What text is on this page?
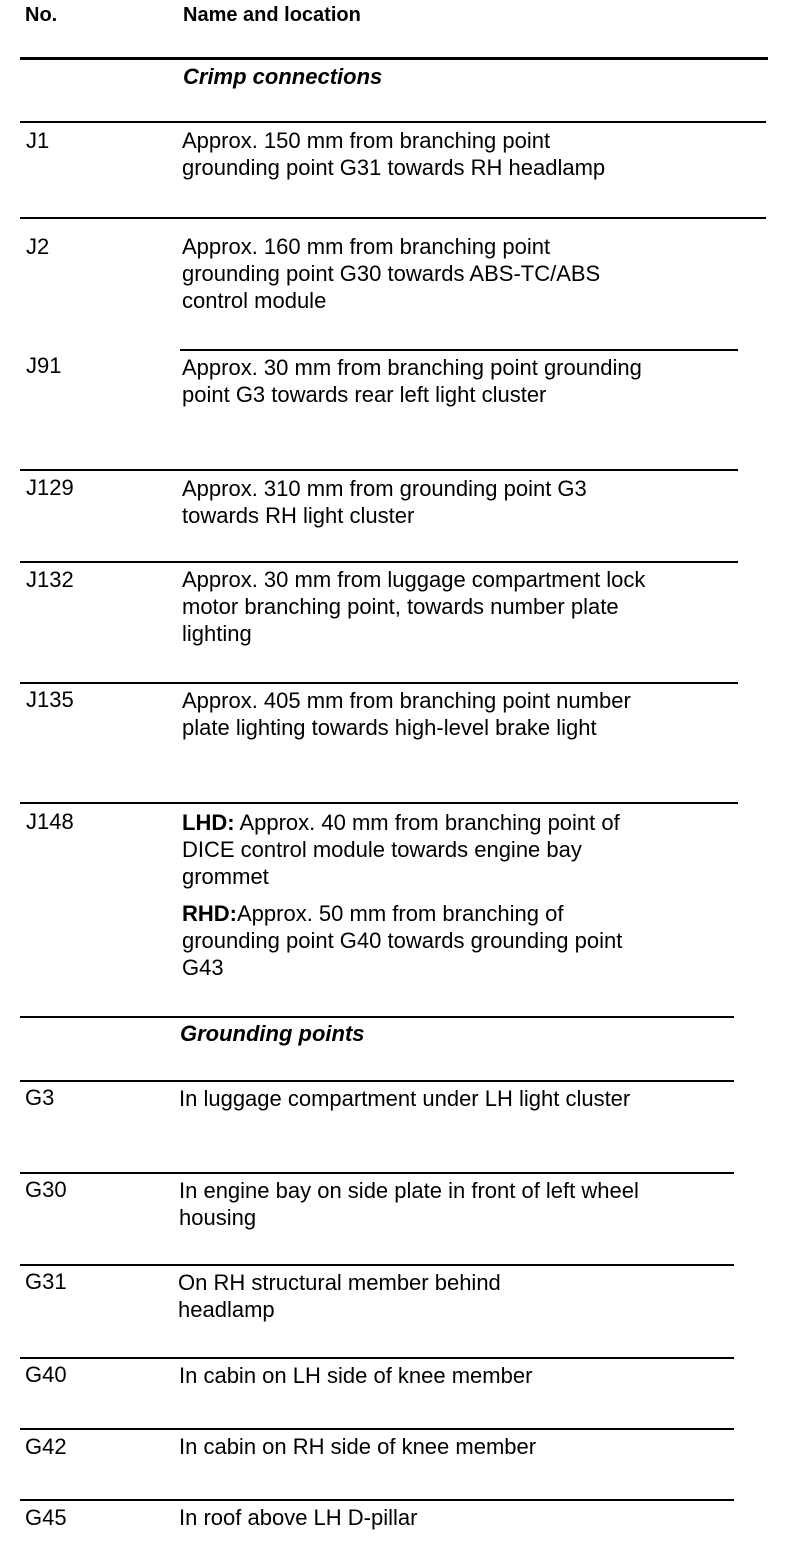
No.	Name and location
Crimp connections
J1	Approx. 150 mm from branching point grounding point G31 towards RH headlamp

J2	Approx. 160 mm from branching point grounding point G30 towards ABS-TC/ABS control module

J91	Approx. 30 mm from branching point grounding point G3 towards rear left light cluster

J129	Approx. 310 mm from grounding point G3 towards RH light cluster

J132	Approx. 30 mm from luggage compartment lock motor branching point, towards number plate lighting

J135	Approx. 405 mm from branching point number plate lighting towards high-level brake light

J148	LHD: Approx. 40 mm from branching point of DICE control module towards engine bay grommet

RHD:Approx. 50 mm from branching of grounding point G40 towards grounding point G43

Grounding points
G3	In luggage compartment under LH light cluster

G30	In engine bay on side plate in front of left wheel housing

G31	On RH structural member behind headlamp

G40	In cabin on LH side of knee member

G42	In cabin on RH side of knee member

G45	In roof above LH D-pillar
